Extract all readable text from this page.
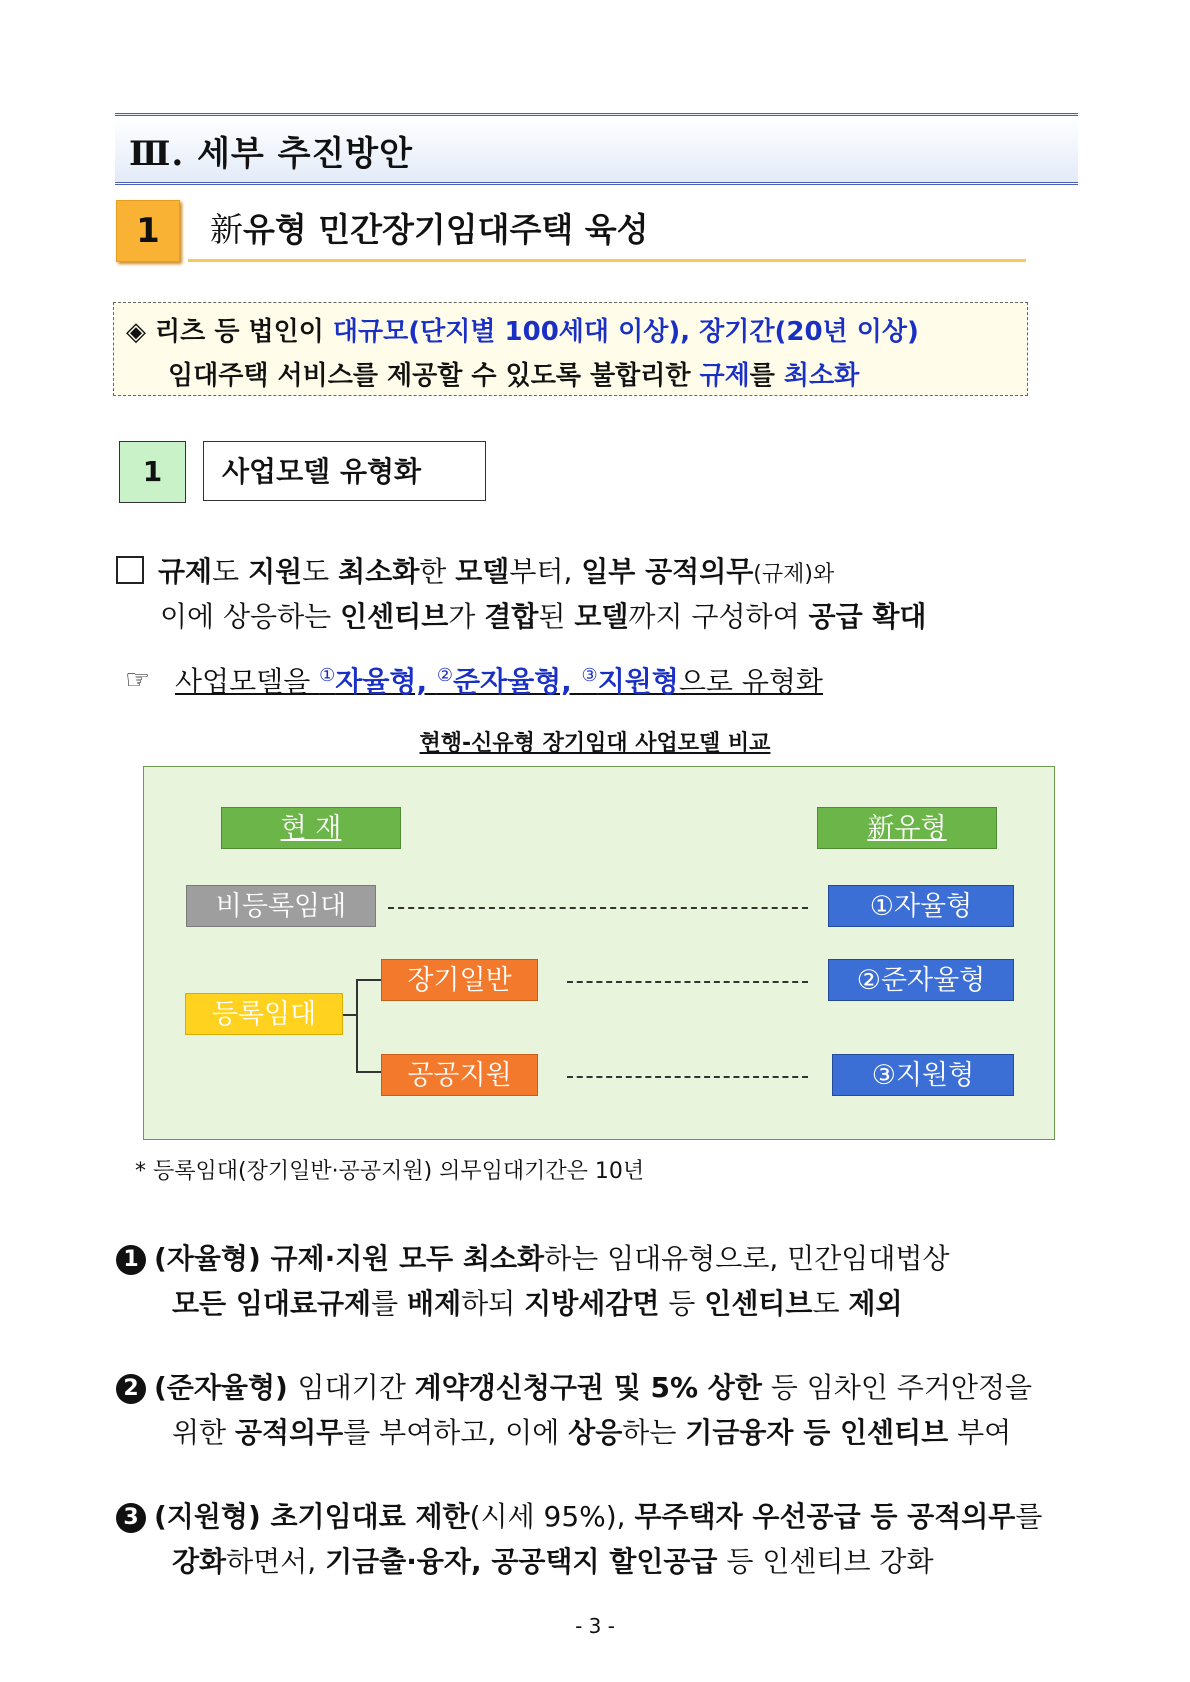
Ⅲ. 세부 추진방안
1	新유형 민간장기임대주택 육성
◈ 리츠 등 법인이 대규모(단지별 100세대 이상), 장기간(20년 이상)
임대주택 서비스를 제공할 수 있도록 불합리한 규제를 최소화
1	사업모델 유형화
규제도 지원도 최소화한 모델부터, 일부 공적의무(규제)와
이에 상응하는 인센티브가 결합된 모델까지 구성하여 공급 확대
☞ 사업모델을 ①자율형, ②준자율형, ③지원형으로 유형화
현행-신유형 장기임대 사업모델 비교
현 재	新유형
비등록임대	①자율형
등록임대
장기일반	②준자율형
공공지원	③지원형
* 등록임대(장기일반·공공지원) 의무임대기간은 10년
1 (자율형) 규제·지원 모두 최소화하는 임대유형으로, 민간임대법상
모든 임대료규제를 배제하되 지방세감면 등 인센티브도 제외
2 (준자율형) 임대기간 계약갱신청구권 및 5% 상한 등 임차인 주거안정을
위한 공적의무를 부여하고, 이에 상응하는 기금융자 등 인센티브 부여
3 (지원형) 초기임대료 제한(시세 95%), 무주택자 우선공급 등 공적의무를
강화하면서, 기금출·융자, 공공택지 할인공급 등 인센티브 강화
- 3 -
